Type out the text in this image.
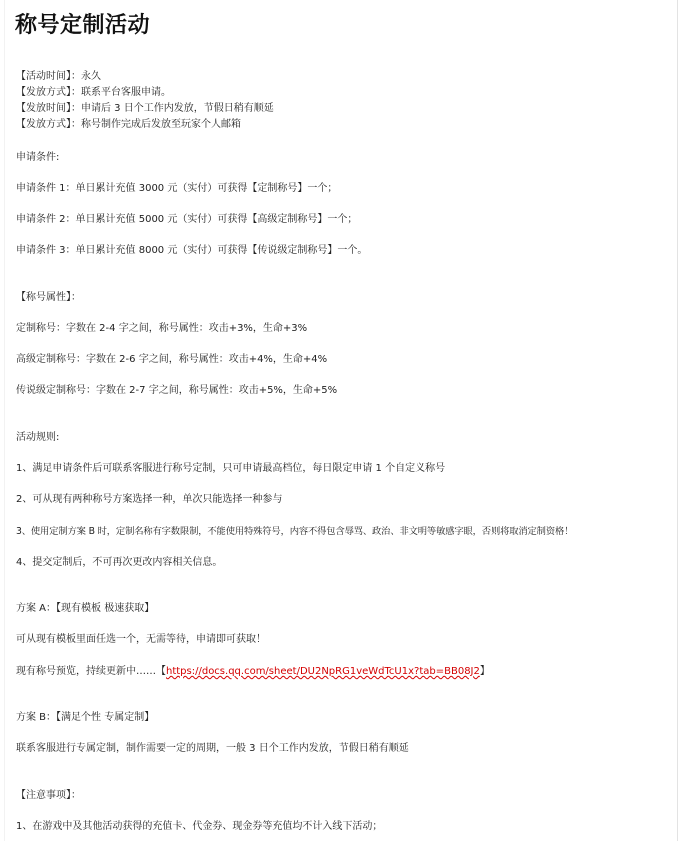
称号定制活动
【活动时间】：永久
【发放方式】：联系平台客服申请。
【发放时间】：申请后 3 日个工作内发放，节假日稍有顺延
【发放方式】：称号制作完成后发放至玩家个人邮箱
申请条件:
申请条件 1：单日累计充值 3000 元（实付）可获得【定制称号】一个；
申请条件 2：单日累计充值 5000 元（实付）可获得【高级定制称号】一个；
申请条件 3：单日累计充值 8000 元（实付）可获得【传说级定制称号】一个。
【称号属性】：
定制称号：字数在 2-4 字之间，称号属性：攻击+3%，生命+3%
高级定制称号：字数在 2-6 字之间，称号属性：攻击+4%，生命+4%
传说级定制称号：字数在 2-7 字之间，称号属性：攻击+5%，生命+5%
活动规则:
1、满足申请条件后可联系客服进行称号定制，只可申请最高档位，每日限定申请 1 个自定义称号
2、可从现有两种称号方案选择一种，单次只能选择一种参与
3、使用定制方案 B 时，定制名称有字数限制，不能使用特殊符号，内容不得包含辱骂、政治、非文明等敏感字眼，否则将取消定制资格！
4、提交定制后，不可再次更改内容相关信息。
方案 A：【现有模板 极速获取】
可从现有模板里面任选一个，无需等待，申请即可获取！
现有称号预览，持续更新中……【https://docs.qq.com/sheet/DU2NpRG1veWdTcU1x?tab=BB08J2】
方案 B：【满足个性 专属定制】
联系客服进行专属定制，制作需要一定的周期，一般 3 日个工作内发放，节假日稍有顺延
【注意事项】：
1、在游戏中及其他活动获得的充值卡、代金券、现金券等充值均不计入线下活动；
